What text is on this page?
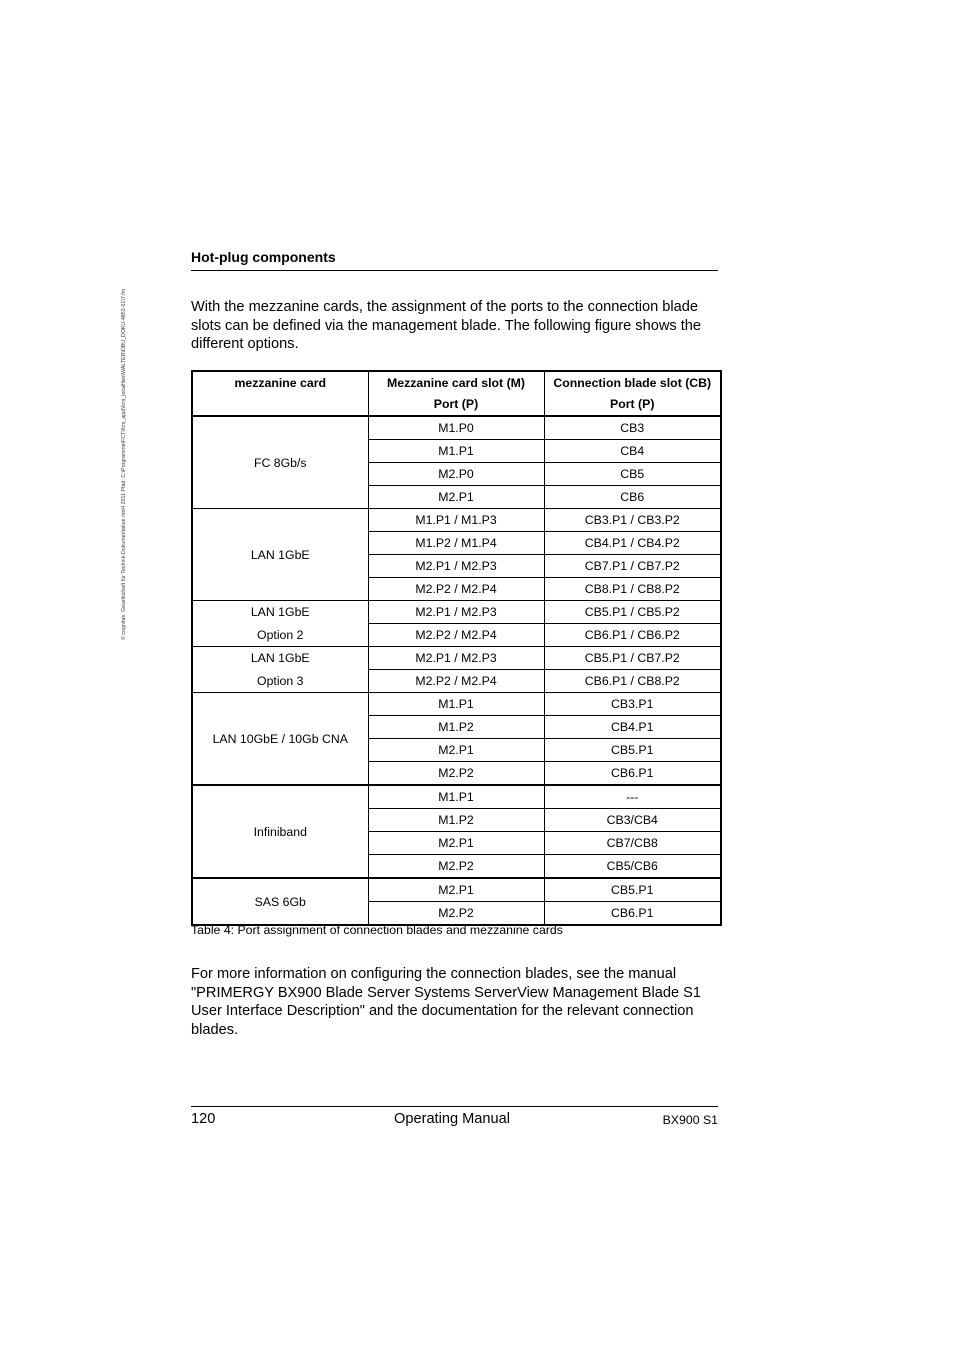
© cognitas. Gesellschaft für Technik-Dokumentation mbH 2011 Pfad: C:\Programme\FCT\fcm_appl\fcm_localfiles\WALTER\DBU_DOKU-4853-01\7.fm
Hot-plug components

With the mezzanine cards, the assignment of the ports to the connection blade slots can be defined via the management blade. The following figure shows the different options.

mezzanine card	Mezzanine card slot (M)	Connection blade slot (CB)
	Port (P)	Port (P)
FC 8Gb/s	M1.P0	CB3
	M1.P1	CB4
	M2.P0	CB5
	M2.P1	CB6
LAN 1GbE	M1.P1 / M1.P3	CB3.P1 / CB3.P2
	M1.P2 / M1.P4	CB4.P1 / CB4.P2
	M2.P1 / M2.P3	CB7.P1 / CB7.P2
	M2.P2 / M2.P4	CB8.P1 / CB8.P2
LAN 1GbE	M2.P1 / M2.P3	CB5.P1 / CB5.P2
Option 2	M2.P2 / M2.P4	CB6.P1 / CB6.P2
LAN 1GbE	M2.P1 / M2.P3	CB5.P1 / CB7.P2
Option 3	M2.P2 / M2.P4	CB6.P1 / CB8.P2
LAN 10GbE / 10Gb CNA	M1.P1	CB3.P1
	M1.P2	CB4.P1
	M2.P1	CB5.P1
	M2.P2	CB6.P1
Infiniband	M1.P1	---
	M1.P2	CB3/CB4
	M2.P1	CB7/CB8
	M2.P2	CB5/CB6
SAS 6Gb	M2.P1	CB5.P1
	M2.P2	CB6.P1
Table 4: Port assignment of connection blades and mezzanine cards

For more information on configuring the connection blades, see the manual "PRIMERGY BX900 Blade Server Systems ServerView Management Blade S1 User Interface Description" and the documentation for the relevant connection blades.

120	Operating Manual	BX900 S1
